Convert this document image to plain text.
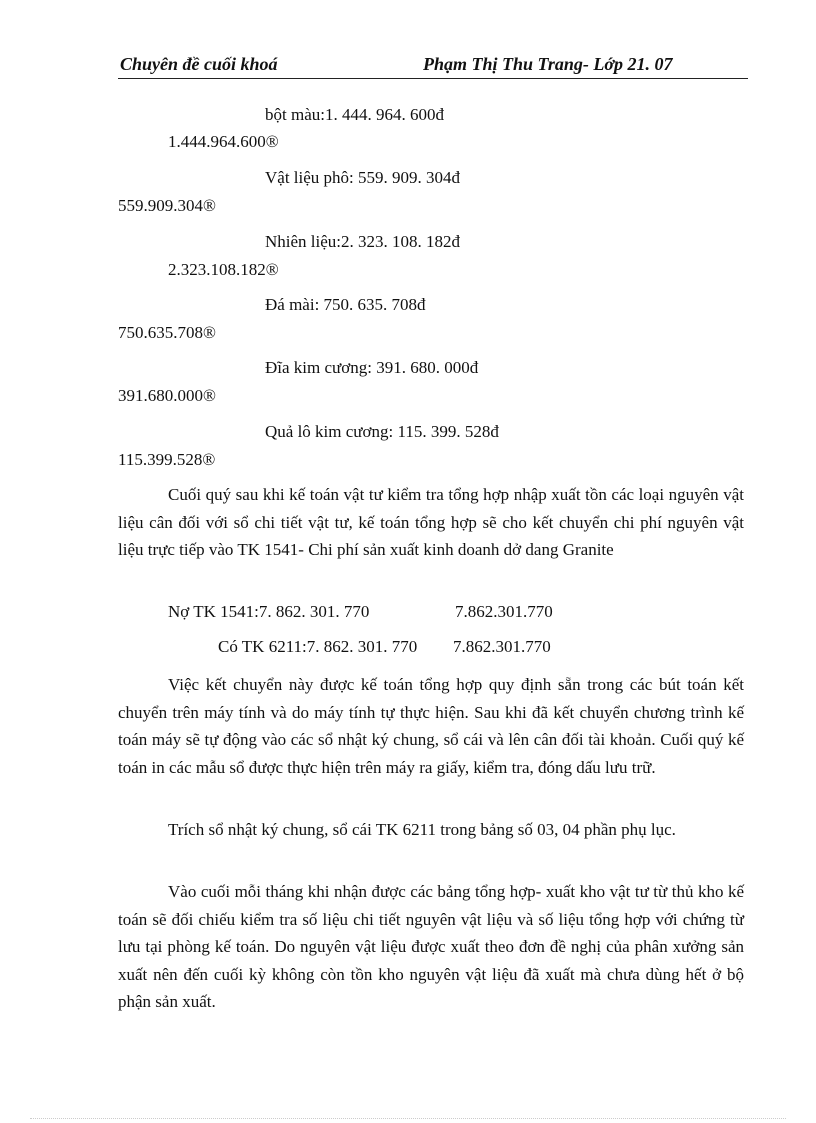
Chuyên đề cuối khoá	Phạm Thị Thu Trang- Lớp 21. 07
bột màu:1. 444. 964. 600đ
1.444.964.600®
Vật liệu phô: 559. 909. 304đ
559.909.304®
Nhiên liệu:2. 323. 108. 182đ
2.323.108.182®
Đá mài: 750. 635. 708đ
750.635.708®
Đĩa kim cương: 391. 680. 000đ
391.680.000®
Quả lô kim cương: 115. 399. 528đ
115.399.528®
Cuối quý sau khi kế toán vật tư kiểm tra tổng hợp nhập xuất tồn các loại nguyên vật liệu cân đối với sổ chi tiết vật tư, kế toán tổng hợp sẽ cho kết chuyển chi phí nguyên vật liệu trực tiếp vào TK 1541- Chi phí sản xuất kinh doanh dở dang Granite
Nợ TK 1541:7. 862. 301. 770	7.862.301.770
Có TK 6211:7. 862. 301. 770 7.862.301.770
Việc kết chuyển này được kế toán tổng hợp quy định sẵn trong các bút toán kết chuyển trên máy tính và do máy tính tự thực hiện. Sau khi đã kết chuyển chương trình kế toán máy sẽ tự động vào các sổ nhật ký chung, sổ cái và lên cân đối tài khoản. Cuối quý kế toán in các mẫu sổ được thực hiện trên máy ra giấy, kiểm tra, đóng dấu lưu trữ.
Trích sổ nhật ký chung, sổ cái TK 6211 trong bảng số 03, 04 phần phụ lục.
Vào cuối mỗi tháng khi nhận được các bảng tổng hợp- xuất kho vật tư từ thủ kho kế toán sẽ đối chiếu kiểm tra số liệu chi tiết nguyên vật liệu và số liệu tổng hợp với chứng từ lưu tại phòng kế toán. Do nguyên vật liệu được xuất theo đơn đề nghị của phân xưởng sản xuất nên đến cuối kỳ không còn tồn kho nguyên vật liệu đã xuất mà chưa dùng hết ở bộ phận sản xuất.
